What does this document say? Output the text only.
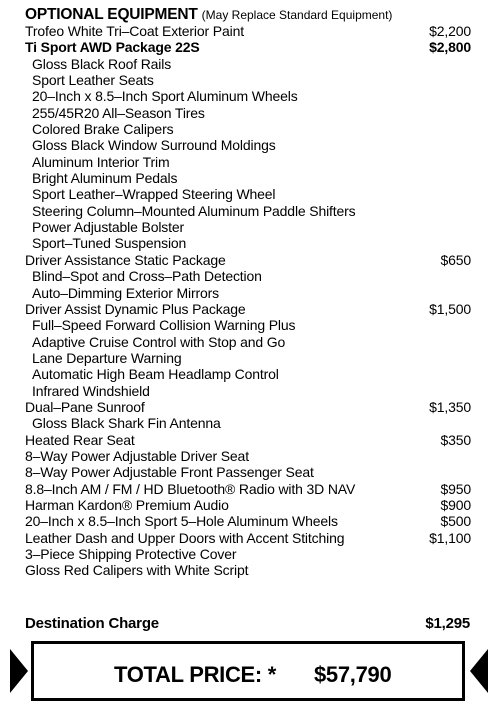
OPTIONAL EQUIPMENT (May Replace Standard Equipment)
Trofeo White Tri–Coat Exterior Paint	$2,200
Ti Sport AWD Package 22S	$2,800
Gloss Black Roof Rails
Sport Leather Seats
20–Inch x 8.5–Inch Sport Aluminum Wheels
255/45R20 All–Season Tires
Colored Brake Calipers
Gloss Black Window Surround Moldings
Aluminum Interior Trim
Bright Aluminum Pedals
Sport Leather–Wrapped Steering Wheel
Steering Column–Mounted Aluminum Paddle Shifters
Power Adjustable Bolster
Sport–Tuned Suspension
Driver Assistance Static Package	$650
Blind–Spot and Cross–Path Detection
Auto–Dimming Exterior Mirrors
Driver Assist Dynamic Plus Package	$1,500
Full–Speed Forward Collision Warning Plus
Adaptive Cruise Control with Stop and Go
Lane Departure Warning
Automatic High Beam Headlamp Control
Infrared Windshield
Dual–Pane Sunroof	$1,350
Gloss Black Shark Fin Antenna
Heated Rear Seat	$350
8–Way Power Adjustable Driver Seat
8–Way Power Adjustable Front Passenger Seat
8.8–Inch AM / FM / HD Bluetooth® Radio with 3D NAV	$950
Harman Kardon® Premium Audio	$900
20–Inch x 8.5–Inch Sport 5–Hole Aluminum Wheels	$500
Leather Dash and Upper Doors with Accent Stitching	$1,100
3–Piece Shipping Protective Cover
Gloss Red Calipers with White Script
Destination Charge	$1,295
TOTAL PRICE: * $57,790
